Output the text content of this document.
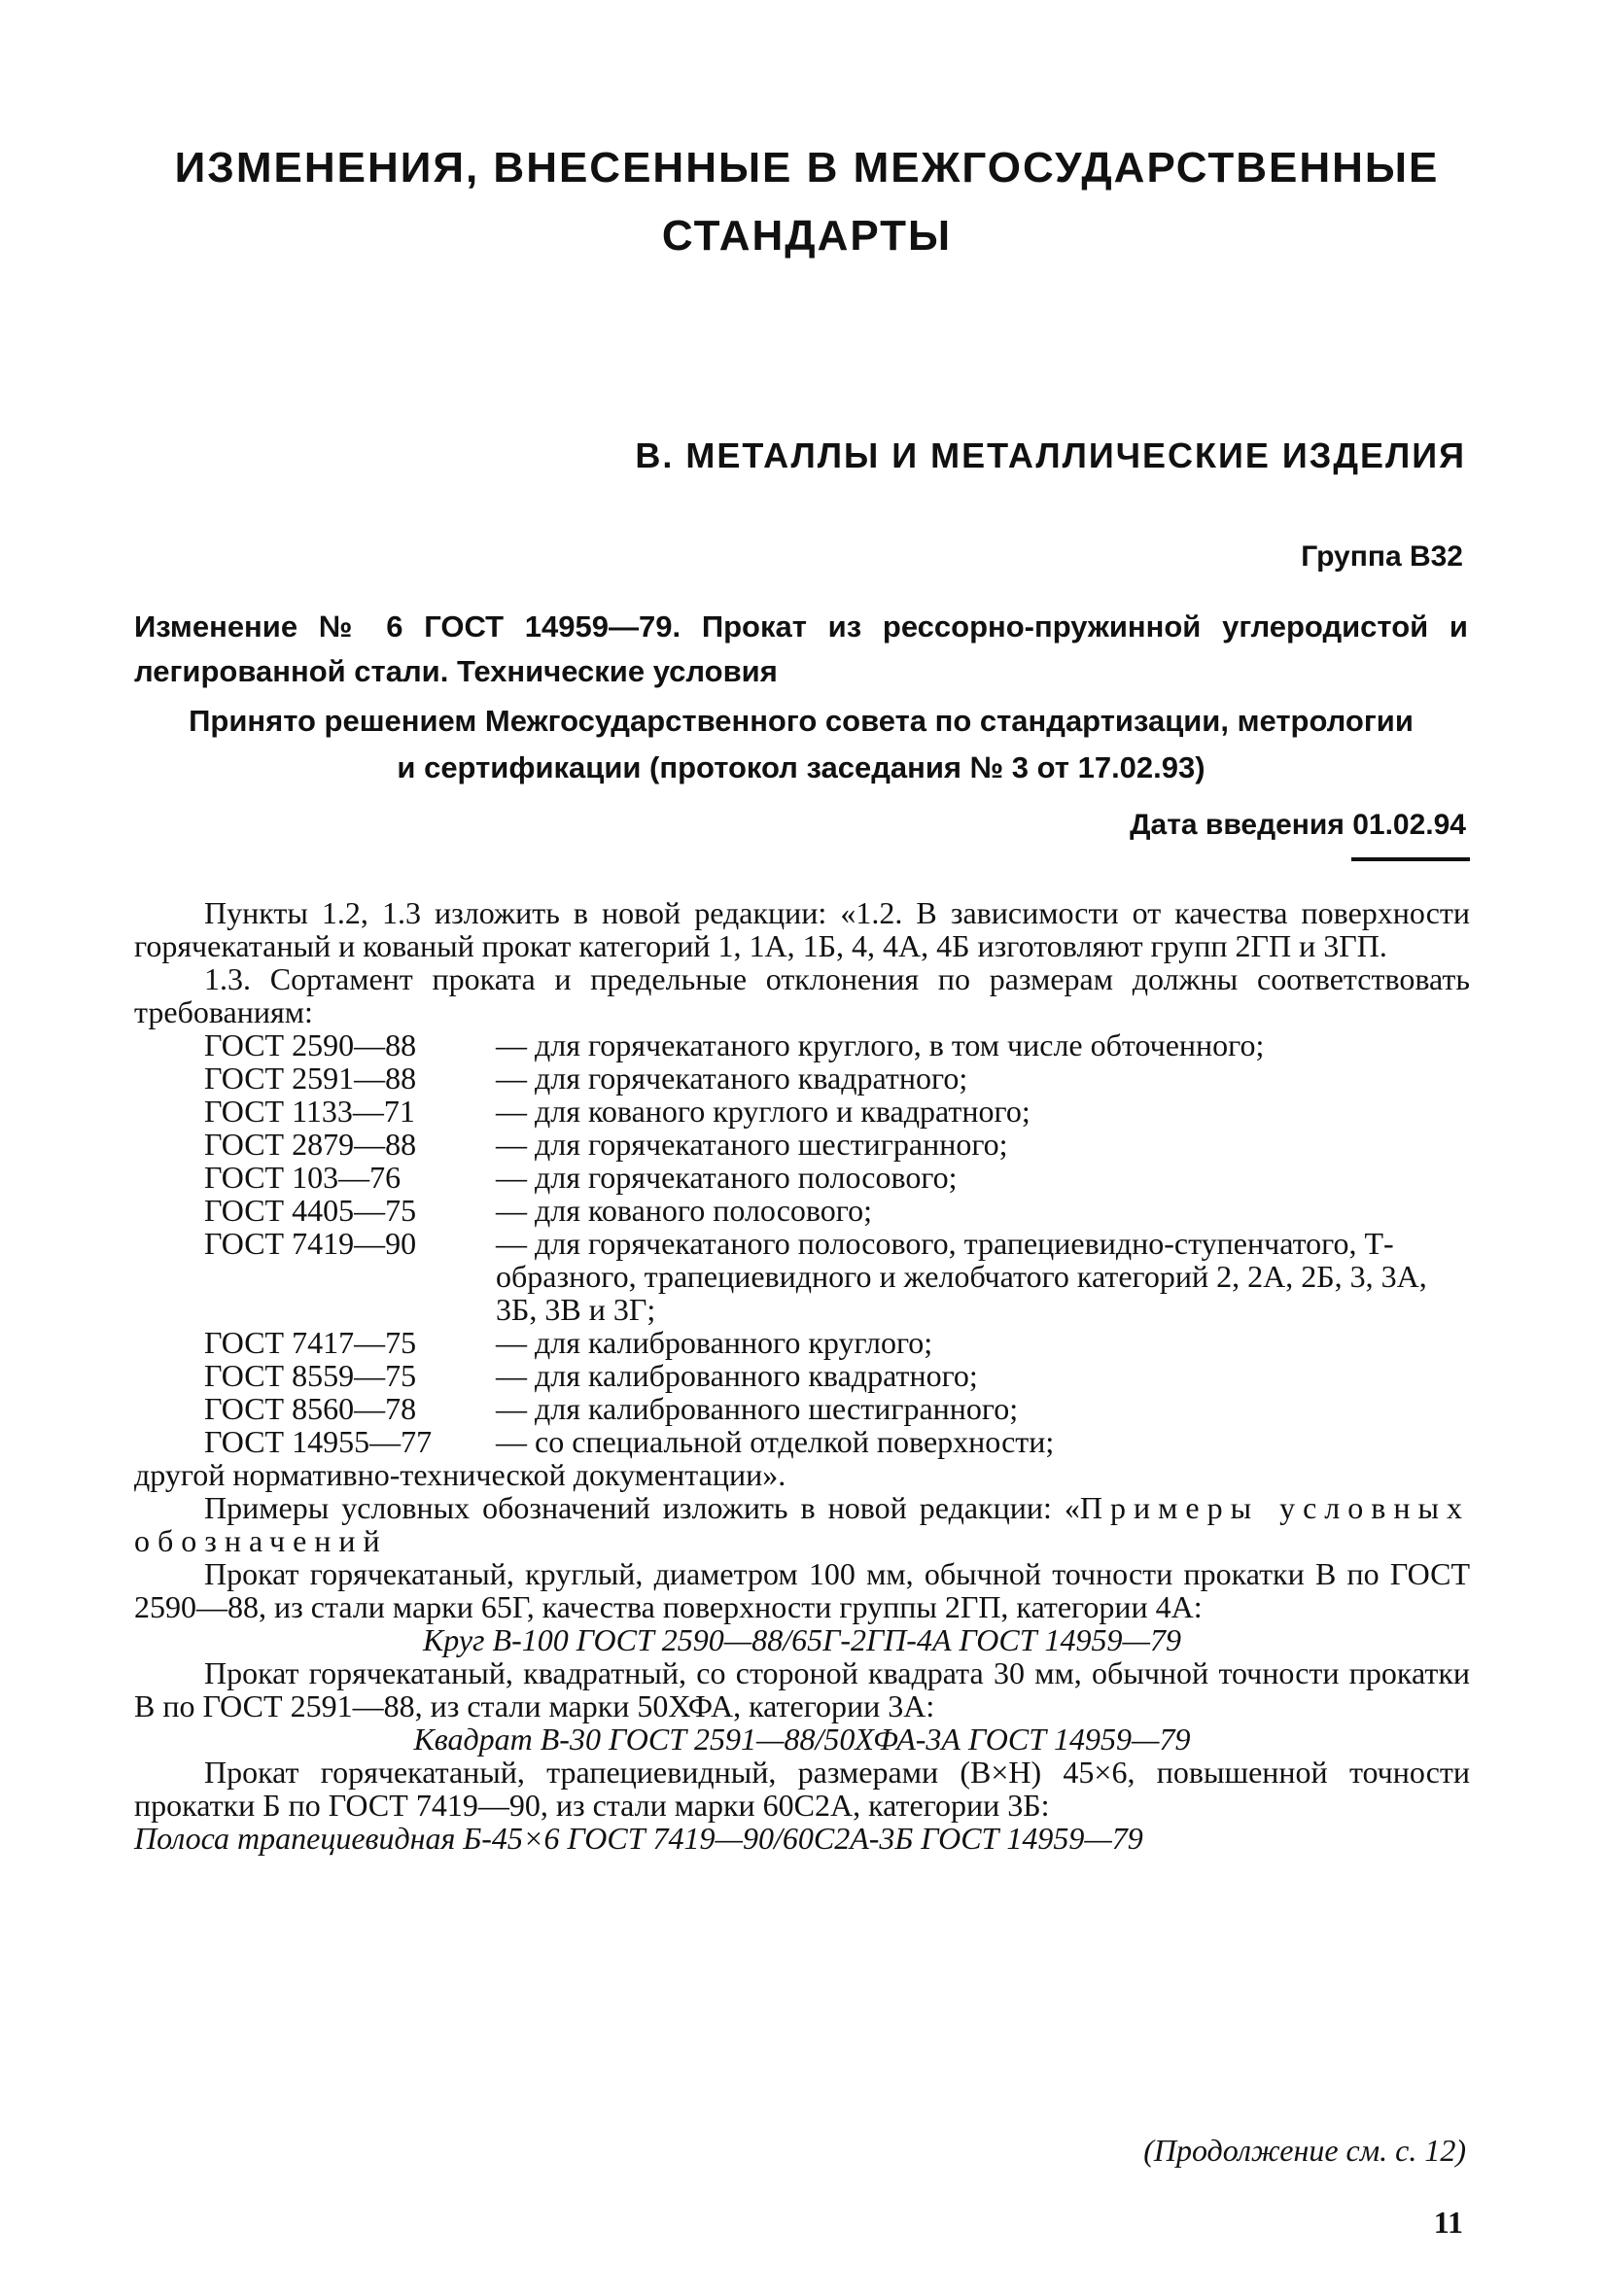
ИЗМЕНЕНИЯ, ВНЕСЕННЫЕ В МЕЖГОСУДАРСТВЕННЫЕ
СТАНДАРТЫ
В. МЕТАЛЛЫ И МЕТАЛЛИЧЕСКИЕ ИЗДЕЛИЯ
Группа В32
Изменение № 6 ГОСТ 14959—79. Прокат из рессорно-пружинной углеродистой и легированной стали. Технические условия
Принято решением Межгосударственного совета по стандартизации, метрологии
и сертификации (протокол заседания № 3 от 17.02.93)
Дата введения 01.02.94

Пункты 1.2, 1.3 изложить в новой редакции: «1.2. В зависимости от качества поверхности горячекатаный и кованый прокат категорий 1, 1А, 1Б, 4, 4А, 4Б изготовляют групп 2ГП и 3ГП.

1.3. Сортамент проката и предельные отклонения по размерам должны соответствовать требованиям:

ГОСТ 2590—88	— для горячекатаного круглого, в том числе обточенного;
ГОСТ 2591—88	— для горячекатаного квадратного;
ГОСТ 1133—71	— для кованого круглого и квадратного;
ГОСТ 2879—88	— для горячекатаного шестигранного;
ГОСТ 103—76	— для горячекатаного полосового;
ГОСТ 4405—75	— для кованого полосового;
ГОСТ 7419—90	— для горячекатаного полосового, трапециевидно-ступенчатого, Т-образного, трапециевидного и желобчатого категорий 2, 2А, 2Б, 3, 3А, 3Б, 3В и 3Г;
ГОСТ 7417—75	— для калиброванного круглого;
ГОСТ 8559—75	— для калиброванного квадратного;
ГОСТ 8560—78	— для калиброванного шестигранного;
ГОСТ 14955—77 — со специальной отделкой поверхности;

другой нормативно-технической документации».

Примеры условных обозначений изложить в новой редакции: «Примеры условных обозначений

Прокат горячекатаный, круглый, диаметром 100 мм, обычной точности прокатки В по ГОСТ 2590—88, из стали марки 65Г, качества поверхности группы 2ГП, категории 4А:

Круг В-100 ГОСТ 2590—88/65Г-2ГП-4А ГОСТ 14959—79

Прокат горячекатаный, квадратный, со стороной квадрата 30 мм, обычной точности прокатки В по ГОСТ 2591—88, из стали марки 50ХФА, категории 3А:

Квадрат В-30 ГОСТ 2591—88/50ХФА-3А ГОСТ 14959—79

Прокат горячекатаный, трапециевидный, размерами (В×Н) 45×6, повышенной точности прокатки Б по ГОСТ 7419—90, из стали марки 60С2А, категории 3Б:

Полоса трапециевидная Б-45×6 ГОСТ 7419—90/60С2А-3Б ГОСТ 14959—79

(Продолжение см. с. 12)
11
